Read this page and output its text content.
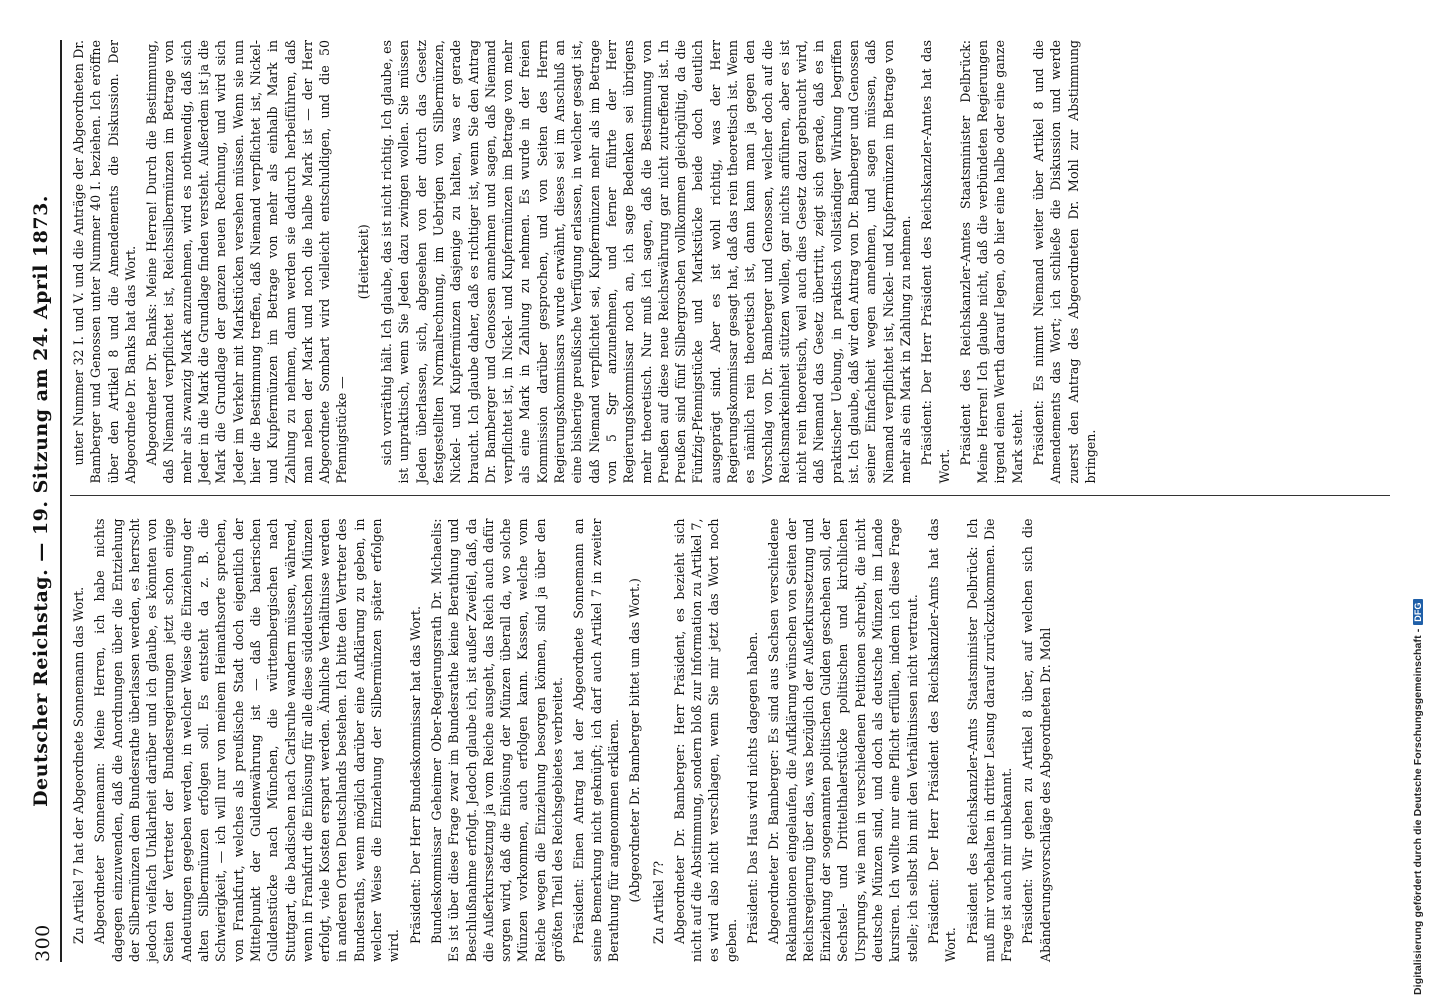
300
Deutscher Reichstag. — 19. Sitzung am 24. April 1873. Zu Artikel 7 hat der Abgeordnete Sonnemann das Wort. Abgeordneter Sonnemann: Meine Herren, ich habe nichts dagegen einzuwenden, daß die Anordnungen über die Entziehung der Silbermünzen dem Bundesrathe überlassen werden, es herrscht jedoch vielfach Unklarheit darüber und ich glaube, es könnten von Seiten der Vertreter der Bundesregierungen jetzt schon einige Andeutungen gegeben werden, in welcher Weise die Einziehung der alten Silbermünzen erfolgen soll. Es entsteht da z. B. die Schwierigkeit, — ich will nur von meinem Heimathsorte sprechen, von Frankfurt, welches als preußische Stadt doch eigentlich der Mittelpunkt der Guldenwährung ist — daß die baierischen Guldenstücke nach München, die württembergischen nach Stuttgart, die badischen nach Carlsruhe wandern müssen, während, wenn in Frankfurt die Einlösung für alle diese süddeutschen Münzen erfolgt, viele Kosten erspart werden. Ähnliche Verhältnisse werden in anderen Orten Deutschlands bestehen. Ich bitte den Vertreter des Bundesraths, wenn möglich darüber eine Aufklärung zu geben, in welcher Weise die Einziehung der Silbermünzen später erfolgen wird.

Präsident: Der Herr Bundeskommissar hat das Wort. Bundeskommissar Geheimer Ober-Regierungsrath Dr. Michaelis: Es ist über diese Frage zwar im Bundesrathe keine Berathung und Beschlußnahme erfolgt. Jedoch glaube ich, ist außer Zweifel, daß, da die Außerkurssetzung ja vom Reiche ausgeht, das Reich auch dafür sorgen wird, daß die Einlösung der Münzen überall da, wo solche Münzen vorkommen, auch erfolgen kann. Kassen, welche vom Reiche wegen die Einziehung besorgen können, sind ja über den größten Theil des Reichsgebietes verbreitet. Präsident: Einen Antrag hat der Abgeordnete Sonnemann an seine Bemerkung nicht geknüpft; ich darf auch Artikel 7 in zweiter Berathung für angenommen erklären. (Abgeordneter Dr. Bamberger bittet um das Wort.)

Zu Artikel 7? Abgeordneter Dr. Bamberger: Herr Präsident, es bezieht sich nicht auf die Abstimmung, sondern bloß zur Information zu Artikel 7, es wird also nicht verschlagen, wenn Sie mir jetzt das Wort noch geben. Präsident: Das Haus wird nichts dagegen haben. Abgeordneter Dr. Bamberger: Es sind aus Sachsen verschiedene Reklamationen eingelaufen, die Aufklärung wünschen von Seiten der Reichsregierung über das, was bezüglich der Außerkurssetzung und Einziehung der sogenannten politischen Gulden geschehen soll, der Sechstel- und Drittelthalerstücke politischen und kirchlichen Ursprungs, wie man in verschiedenen Petitionen schreibt, die nicht deutsche Münzen sind, und doch als deutsche Münzen im Lande kursiren. Ich wollte nur eine Pflicht erfüllen, indem ich diese Frage stelle; ich selbst bin mit den Verhältnissen nicht vertraut. Präsident: Der Herr Präsident des Reichskanzler-Amts hat das Wort.

Präsident des Reichskanzler-Amts Staatsminister Delbrück: Ich muß mir vorbehalten in dritter Lesung darauf zurückzukommen. Die Frage ist auch mir unbekannt. Präsident: Wir gehen zu Artikel 8 über, auf welchen sich die Abänderungsvorschläge des Abgeordneten Dr. Mohl

unter Nummer 32 I. und V. und die Anträge der Abgeordneten Dr. Bamberger und Genossen unter Nummer 40 I. beziehen. Ich eröffne über den Artikel 8 und die Amendements die Diskussion. Der Abgeordnete Dr. Banks hat das Wort. Abgeordneter Dr. Banks: Meine Herren! Durch die Bestimmung, daß Niemand verpflichtet ist, Reichssilbermünzen im Betrage von mehr als zwanzig Mark anzunehmen, wird es nothwendig, daß sich Jeder in die Mark die Grundlage finden versteht. Außerdem ist ja die Mark die Grundlage der ganzen neuen Rechnung, und wird sich Jeder im Verkehr mit Markstücken versehen müssen. Wenn sie nun hier die Bestimmung treffen, daß Niemand verpflichtet ist, Nickel- und Kupfermünzen im Betrage von mehr als einhalb Mark in Zahlung zu nehmen, dann werden sie dadurch herbeiführen, daß man neben der Mark und noch die halbe Mark ist — der Herr Abgeordnete Sombart wird vielleicht entschuldigen, und die 50 Pfennigstücke —

(Heiterkeit) sich vorräthig hält. Ich glaube, das ist nicht richtig. Ich glaube, es ist unpraktisch, wenn Sie Jeden dazu zwingen wollen. Sie müssen Jeden überlassen, sich, abgesehen von der durch das Gesetz festgestellten Normalrechnung, im Uebrigen von Silbermünzen, Nickel- und Kupfermünzen dasjenige zu halten, was er gerade braucht. Ich glaube daher, daß es richtiger ist, wenn Sie den Antrag Dr. Bamberger und Genossen annehmen und sagen, daß Niemand verpflichtet ist, in Nickel- und Kupfermünzen im Betrage von mehr als eine Mark in Zahlung zu nehmen. Es wurde in der freien Kommission darüber gesprochen, und von Seiten des Herrn Regierungskommissars wurde erwähnt, dieses sei im Anschluß an eine bisherige preußische Verfügung erlassen, in welcher gesagt ist, daß Niemand verpflichtet sei, Kupfermünzen mehr als im Betrage von 5 Sgr anzunehmen, und ferner führte der Herr Regierungskommissar noch an, ich sage Bedenken sei übrigens mehr theoretisch. Nur muß ich sagen, daß die Bestimmung von Preußen auf diese neue Reichswährung gar nicht zutreffend ist. In Preußen sind fünf Silbergroschen vollkommen gleichgültig, da die Fünfzig-Pfennigstücke und Markstücke beide doch deutlich ausgeprägt sind. Aber es ist wohl richtig, was der Herr Regierungskommissar gesagt hat, daß das rein theoretisch ist. Wenn es nämlich rein theoretisch ist, dann kann man ja gegen den Vorschlag von Dr. Bamberger und Genossen, welcher doch auf die Reichsmarkeinheit stützen wollen, gar nichts anführen, aber es ist nicht rein theoretisch, weil auch dies Gesetz dazu gebraucht wird, daß Niemand das Gesetz übertritt, zeigt sich gerade, daß es in praktischer Uebung, in praktisch vollständiger Wirkung begriffen ist. Ich glaube, daß wir den Antrag von Dr. Bamberger und Genossen seiner Einfachheit wegen annehmen, und sagen müssen, daß Niemand verpflichtet ist, Nickel- und Kupfermünzen im Betrage von mehr als ein Mark in Zahlung zu nehmen. Präsident: Der Herr Präsident des Reichskanzler-Amtes hat das Wort.

Präsident des Reichskanzler-Amtes Staatsminister Delbrück: Meine Herren! Ich glaube nicht, daß die verbündeten Regierungen irgend einen Werth darauf legen, ob hier eine halbe oder eine ganze Mark steht. Präsident: Es nimmt Niemand weiter über Artikel 8 und die Amendements das Wort; ich schließe die Diskussion und werde zuerst den Antrag des Abgeordneten Dr. Mohl zur Abstimmung bringen.

Digitalisierung gefördert durch die Deutsche Forschungsgemeinschaft -DFG
